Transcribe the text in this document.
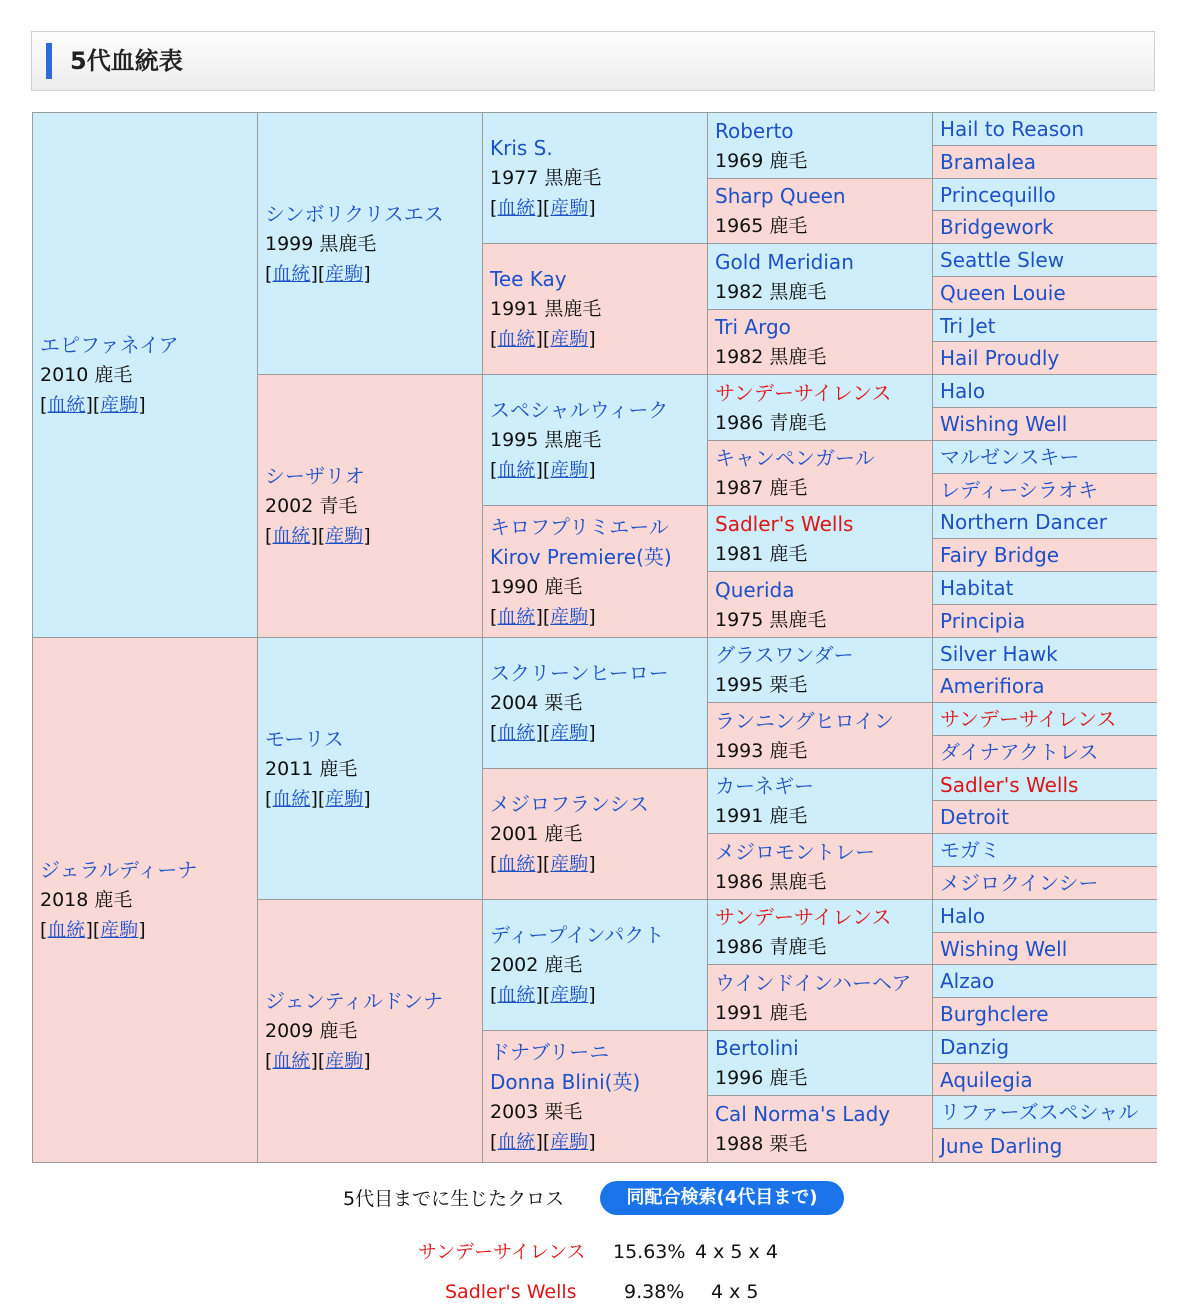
5代血統表
エピファネイア
2010 鹿毛
[血統][産駒]
ジェラルディーナ
2018 鹿毛
[血統][産駒]
シンボリクリスエス
1999 黒鹿毛
[血統][産駒]
シーザリオ
2002 青毛
[血統][産駒]
モーリス
2011 鹿毛
[血統][産駒]
ジェンティルドンナ
2009 鹿毛
[血統][産駒]
Kris S.
1977 黒鹿毛
[血統][産駒]
Tee Kay
1991 黒鹿毛
[血統][産駒]
スペシャルウィーク
1995 黒鹿毛
[血統][産駒]
キロフプリミエール
Kirov Premiere(英)
1990 鹿毛
[血統][産駒]
スクリーンヒーロー
2004 栗毛
[血統][産駒]
メジロフランシス
2001 鹿毛
[血統][産駒]
ディープインパクト
2002 鹿毛
[血統][産駒]
ドナブリーニ
Donna Blini(英)
2003 栗毛
[血統][産駒]
Roberto
1969 鹿毛
Sharp Queen
1965 鹿毛
Gold Meridian
1982 黒鹿毛
Tri Argo
1982 黒鹿毛
サンデーサイレンス
1986 青鹿毛
キャンペンガール
1987 鹿毛
Sadler's Wells
1981 鹿毛
Querida
1975 黒鹿毛
グラスワンダー
1995 栗毛
ランニングヒロイン
1993 鹿毛
カーネギー
1991 鹿毛
メジロモントレー
1986 黒鹿毛
サンデーサイレンス
1986 青鹿毛
ウインドインハーヘア
1991 鹿毛
Bertolini
1996 鹿毛
Cal Norma's Lady
1988 栗毛
Hail to Reason
Bramalea
Princequillo
Bridgework
Seattle Slew
Queen Louie
Tri Jet
Hail Proudly
Halo
Wishing Well
マルゼンスキー
レディーシラオキ
Northern Dancer
Fairy Bridge
Habitat
Principia
Silver Hawk
Amerifiora
サンデーサイレンス
ダイナアクトレス
Sadler's Wells
Detroit
モガミ
メジロクインシー
Halo
Wishing Well
Alzao
Burghclere
Danzig
Aquilegia
リファーズスペシャル
June Darling
5代目までに生じたクロス	同配合検索(4代目まで)
サンデーサイレンス 15.63% 4 x 5 x 4
Sadler's Wells 9.38% 4 x 5
